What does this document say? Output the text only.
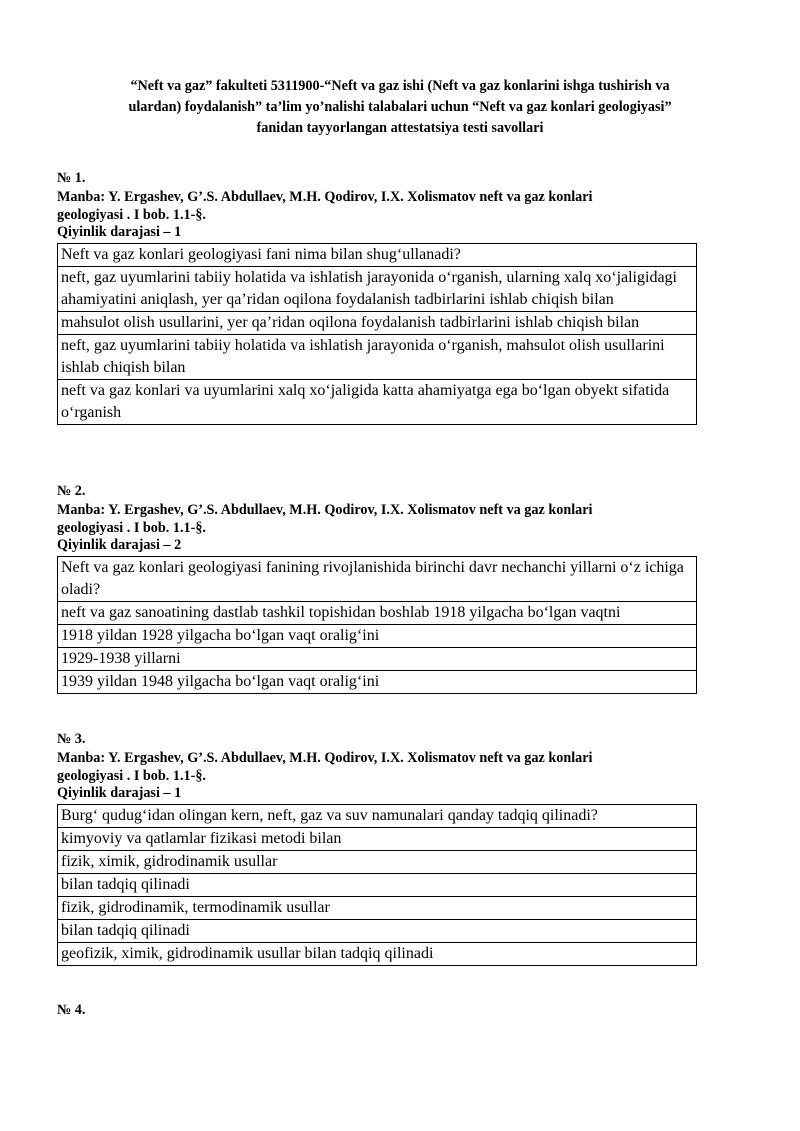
“Neft va gaz” fakulteti 5311900-“Neft va gaz ishi (Neft va gaz konlarini ishga tushirish va
ulardan) foydalanish” ta’lim yo’nalishi talabalari uchun “Neft va gaz konlari geologiyasi”
fanidan tayyorlangan attestatsiya testi savollari
№ 1.
Manba: Y. Ergashev, G’.S. Abdullaev, M.H. Qodirov, I.X. Xolismatov neft va gaz konlari
geologiyasi . I bob. 1.1-§.
Qiyinlik darajasi – 1
Neft va gaz konlari geologiyasi fani nima bilan shug‘ullanadi?
neft, gaz uyumlarini tabiiy holatida va ishlatish jarayonida o‘rganish, ularning xalq xo‘jaligidagi ahamiyatini aniqlash, yer qa’ridan oqilona foydalanish tadbirlarini ishlab chiqish bilan
mahsulot olish usullarini, yer qa’ridan oqilona foydalanish tadbirlarini ishlab chiqish bilan
neft, gaz uyumlarini tabiiy holatida va ishlatish jarayonida o‘rganish, mahsulot olish usullarini ishlab chiqish bilan
neft va gaz konlari va uyumlarini xalq xo‘jaligida katta ahamiyatga ega bo‘lgan obyekt sifatida o‘rganish
№ 2.
Manba: Y. Ergashev, G’.S. Abdullaev, M.H. Qodirov, I.X. Xolismatov neft va gaz konlari
geologiyasi . I bob. 1.1-§.
Qiyinlik darajasi – 2
Neft va gaz konlari geologiyasi fanining rivojlanishida birinchi davr nechanchi yillarni o‘z ichiga oladi?
neft va gaz sanoatining dastlab tashkil topishidan boshlab 1918 yilgacha bo‘lgan vaqtni
1918 yildan 1928 yilgacha bo‘lgan vaqt oralig‘ini
1929-1938 yillarni
1939 yildan 1948 yilgacha bo‘lgan vaqt oralig‘ini
№ 3.
Manba: Y. Ergashev, G’.S. Abdullaev, M.H. Qodirov, I.X. Xolismatov neft va gaz konlari
geologiyasi . I bob. 1.1-§.
Qiyinlik darajasi – 1
Burg‘ qudug‘idan olingan kern, neft, gaz va suv namunalari qanday tadqiq qilinadi?
kimyoviy va qatlamlar fizikasi metodi bilan
fizik, ximik, gidrodinamik usullar
bilan tadqiq qilinadi
fizik, gidrodinamik, termodinamik usullar
bilan tadqiq qilinadi
geofizik, ximik, gidrodinamik usullar bilan tadqiq qilinadi
№ 4.
